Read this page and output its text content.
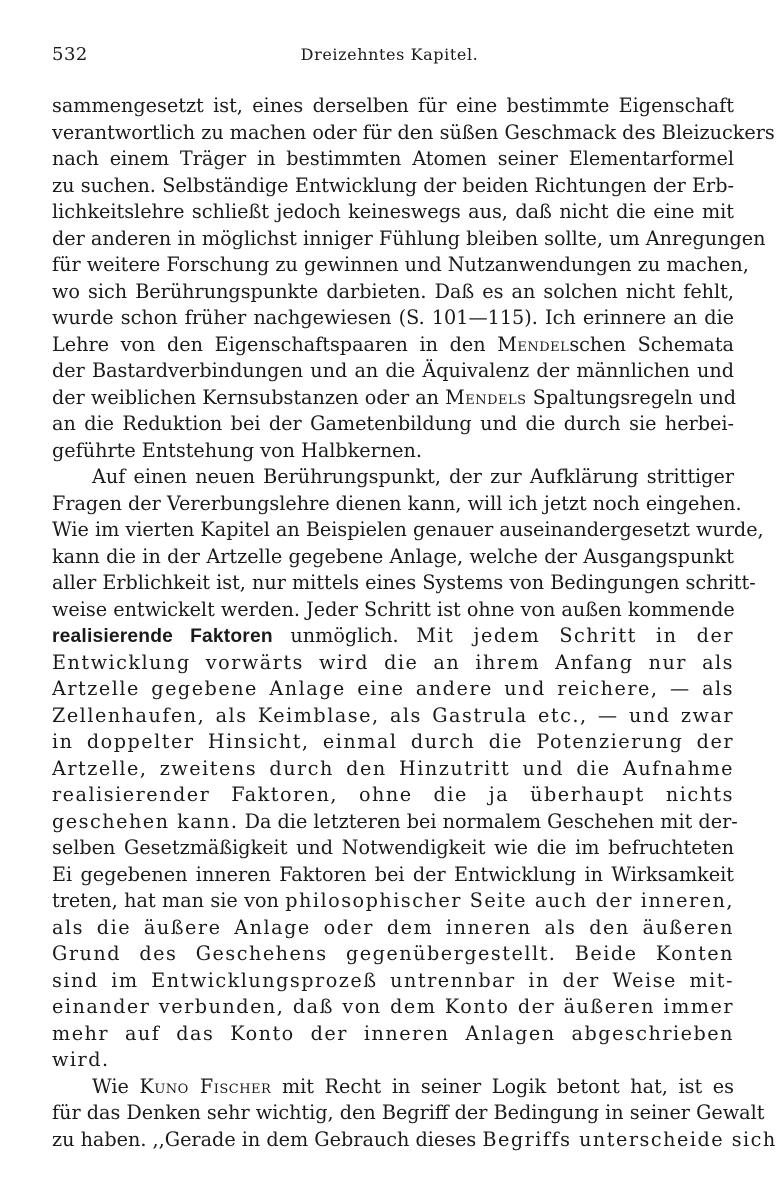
532	Dreizehntes Kapitel.
sammengesetzt ist, eines derselben für eine bestimmte Eigenschaft
verantwortlich zu machen oder für den süßen Geschmack des Bleizuckers
nach einem Träger in bestimmten Atomen seiner Elementarformel
zu suchen. Selbständige Entwicklung der beiden Richtungen der Erb-
lichkeitslehre schließt jedoch keineswegs aus, daß nicht die eine mit
der anderen in möglichst inniger Fühlung bleiben sollte, um Anregungen
für weitere Forschung zu gewinnen und Nutzanwendungen zu machen,
wo sich Berührungspunkte darbieten. Daß es an solchen nicht fehlt,
wurde schon früher nachgewiesen (S. 101—115). Ich erinnere an die
Lehre von den Eigenschaftspaaren in den Mendelschen Schemata
der Bastardverbindungen und an die Äquivalenz der männlichen und
der weiblichen Kernsubstanzen oder an Mendels Spaltungsregeln und
an die Reduktion bei der Gametenbildung und die durch sie herbei-
geführte Entstehung von Halbkernen.
Auf einen neuen Berührungspunkt, der zur Aufklärung strittiger
Fragen der Vererbungslehre dienen kann, will ich jetzt noch eingehen.
Wie im vierten Kapitel an Beispielen genauer auseinandergesetzt wurde,
kann die in der Artzelle gegebene Anlage, welche der Ausgangspunkt
aller Erblichkeit ist, nur mittels eines Systems von Bedingungen schritt-
weise entwickelt werden. Jeder Schritt ist ohne von außen kommende
realisierende Faktoren unmöglich. Mit jedem Schritt in der
Entwicklung vorwärts wird die an ihrem Anfang nur als
Artzelle gegebene Anlage eine andere und reichere, — als
Zellenhaufen, als Keimblase, als Gastrula etc., — und zwar
in doppelter Hinsicht, einmal durch die Potenzierung der
Artzelle, zweitens durch den Hinzutritt und die Aufnahme
realisierender Faktoren, ohne die ja überhaupt nichts
geschehen kann. Da die letzteren bei normalem Geschehen mit der-
selben Gesetzmäßigkeit und Notwendigkeit wie die im befruchteten
Ei gegebenen inneren Faktoren bei der Entwicklung in Wirksamkeit
treten, hat man sie von philosophischer Seite auch der inneren,
als die äußere Anlage oder dem inneren als den äußeren
Grund des Geschehens gegenübergestellt. Beide Konten
sind im Entwicklungsprozeß untrennbar in der Weise mit-
einander verbunden, daß von dem Konto der äußeren immer
mehr auf das Konto der inneren Anlagen abgeschrieben
wird.
Wie Kuno Fischer mit Recht in seiner Logik betont hat, ist es
für das Denken sehr wichtig, den Begriff der Bedingung in seiner Gewalt
zu haben. ,,Gerade in dem Gebrauch dieses Begriffs unterscheide sich
